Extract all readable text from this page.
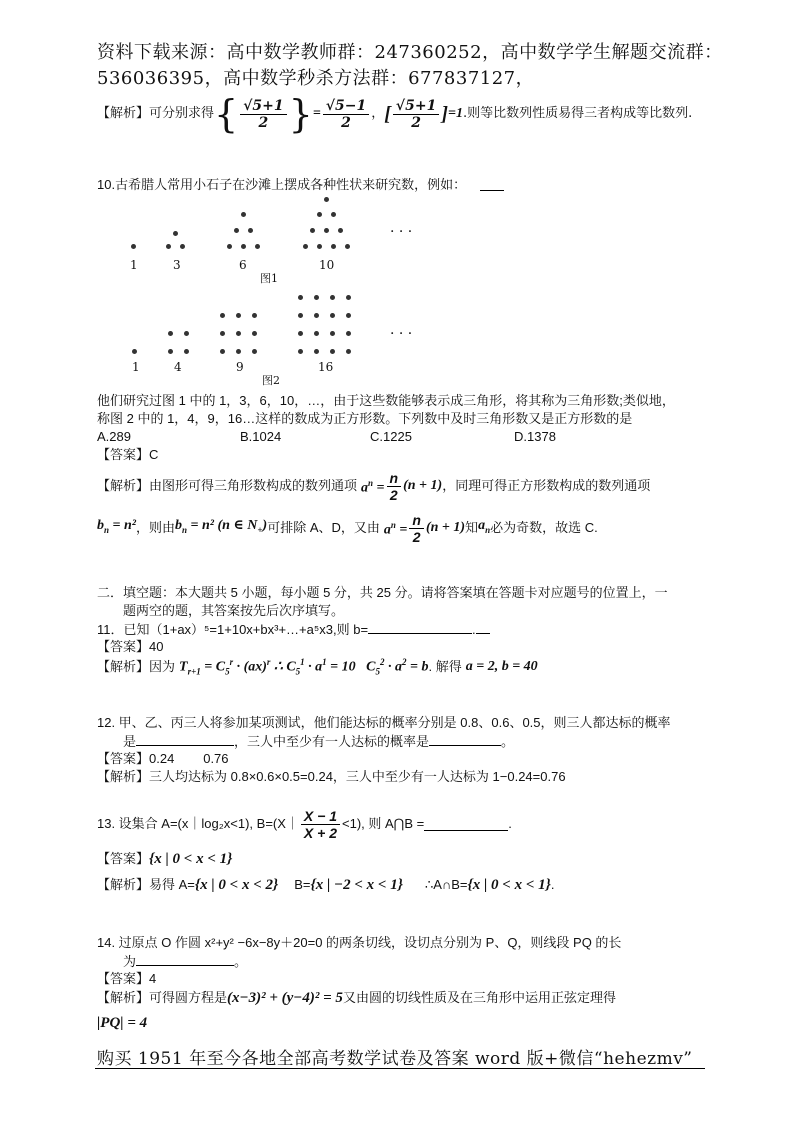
资料下载来源：高中数学教师群：247360252，高中数学学生解题交流群：
536036395，高中数学秒杀方法群：677837127，
【解析】 可分别求得 { $\frac{√5+1}{2}$ } = $\frac{√5-1}{2}$ ， [ $\frac{√5+1}{2}$ ] =1 .则等比数列性质易得三者构成等比数列.
10.古希腊人常用小石子在沙滩上摆成各种性状来研究数，例如：
· · ·
1	3	6	10
图1
· · ·
1	4	9	16
图2
他们研究过图 1 中的 1，3，6，10，…，由于这些数能够表示成三角形，将其称为三角形数;类似地，
称图 2 中的 1，4，9，16…这样的数成为正方形数。下列数中及时三角形数又是正方形数的是
A.289	B.1024	C.1225	D.1378
【答案】C
【解析】 由图形可得三角形数构成的数列通项 $a^n = \frac{n}{2} (n + 1)$ ，同理可得正方形数构成的数列通项
$b_n = n^2$ ，则由 $b_n = n^2$ (n ∈ $N_+$) 可排除 A、D，又由 $a^n = \frac{n}{2} (n + 1)$ 知 $a_n$ 必为奇数，故选 C.
二．填空题：本大题共 5 小题，每小题 5 分，共 25 分。请将答案填在答题卡对应题号的位置上，一
题两空的题，其答案按先后次序填写。
11．已知（1+ax）⁵=1+10x+bx³+…+a⁵x3,则 b=	.
【答案】40
【解析】 因为 $T_{r+1} = C_5^r \cdot (ax)^r$ ∴ $C_5^1 \cdot a^1 = 10$   $C_5^2 \cdot a^2 = b$ . 解得 a = 2, b = 40
12. 甲、乙、丙三人将参加某项测试，他们能达标的概率分别是 0.8、0.6、0.5，则三人都达标的概率
是	，三人中至少有一人达标的概率是	。
【答案】0.24        0.76
【解析】三人均达标为 0.8×0.6×0.5=0.24，三人中至少有一人达标为 1−0.24=0.76
13. 设集合 A=(x｜log₂x<1), B=(X｜ $\frac{X - 1}{X + 2} <1$), 则 A⋂B =	.
【答案】 {x | 0 < x < 1}
【解析】 易得 A= {x | 0 < x < 2} B= {x | −2 < x < 1} ∴A∩B= {x | 0 < x < 1} .
14. 过原点 O 作圆 x²+y² −6x−8y＋20=0 的两条切线，设切点分别为 P、Q，则线段 PQ 的长
为	。
【答案】4
【解析】 可得圆方程是 (x−3)² + (y−4)² = 5 又由圆的切线性质及在三角形中运用正弦定理得
|PQ| = 4
购买 1951 年至今各地全部高考数学试卷及答案 word 版+微信“hehezmv”
